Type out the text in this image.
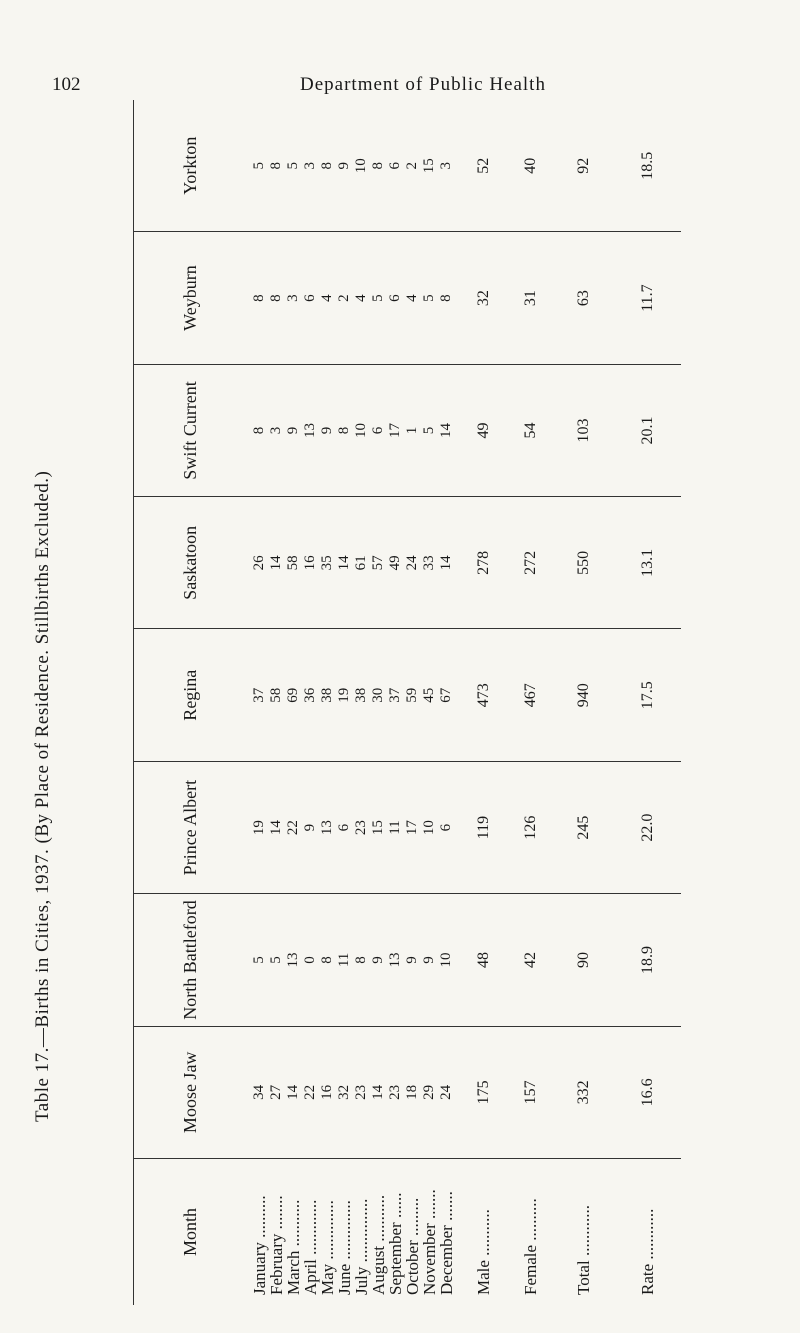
102	Department of Public Health
Table 17.—Births in Cities, 1937. (By Place of Residence. Stillbirths Excluded.)
Month
Moose Jaw
North Battleford
Prince Albert
Regina
Saskatoon
Swift Current
Weyburn
Yorkton
January ..........
February ........
March ...........
April .............
May ..............
June ..............
July ...............
August ...........
September ......
October .........
November .......
December .......
34 27 14 22 16 32 23 14 23 18 29 24
5 5 13 0 8 11 8 9 13 9 9 10
19 14 22 9 13 6 23 15 11 17 10 6
37 58 69 36 38 19 38 30 37 59 45 67
26 14 58 16 35 14 61 57 49 24 33 14
8 3 9 13 9 8 10 6 17 1 5 14
8 8 3 6 4 2 4 5 6 4 5 8
5 8 5 3 8 9 10 8 6 2 15 3
Male ...........
175
48
119
473
278
49
32
52
Female ..........
157
42
126
467
272
54
31
40
Total ............
332
90
245
940
550
103
63
92
Rate ............
16.6
18.9
22.0
17.5
13.1
20.1
11.7
18.5
